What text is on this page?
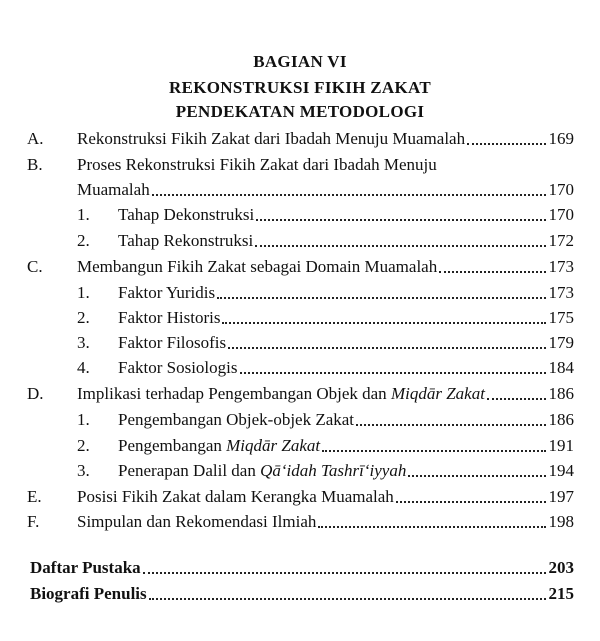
BAGIAN VI
REKONSTRUKSI FIKIH ZAKAT
PENDEKATAN METODOLOGI
A. Rekonstruksi Fikih Zakat dari Ibadah Menuju Muamalah	169
B. Proses Rekonstruksi Fikih Zakat dari Ibadah Menuju
Muamalah	170
1. Tahap Dekonstruksi	170
2. Tahap Rekonstruksi	172
C. Membangun Fikih Zakat sebagai Domain Muamalah	173
1. Faktor Yuridis	173
2. Faktor Historis	175
3. Faktor Filosofis	179
4. Faktor Sosiologis	184
D. Implikasi terhadap Pengembangan Objek dan Miqdār Zakat	186
1. Pengembangan Objek-objek Zakat	186
2. Pengembangan Miqdār Zakat	191
3. Penerapan Dalil dan Qā‘idah Tashrī‘iyyah	194
E. Posisi Fikih Zakat dalam Kerangka Muamalah	197
F. Simpulan dan Rekomendasi Ilmiah	198
Daftar Pustaka	203
Biografi Penulis	215
